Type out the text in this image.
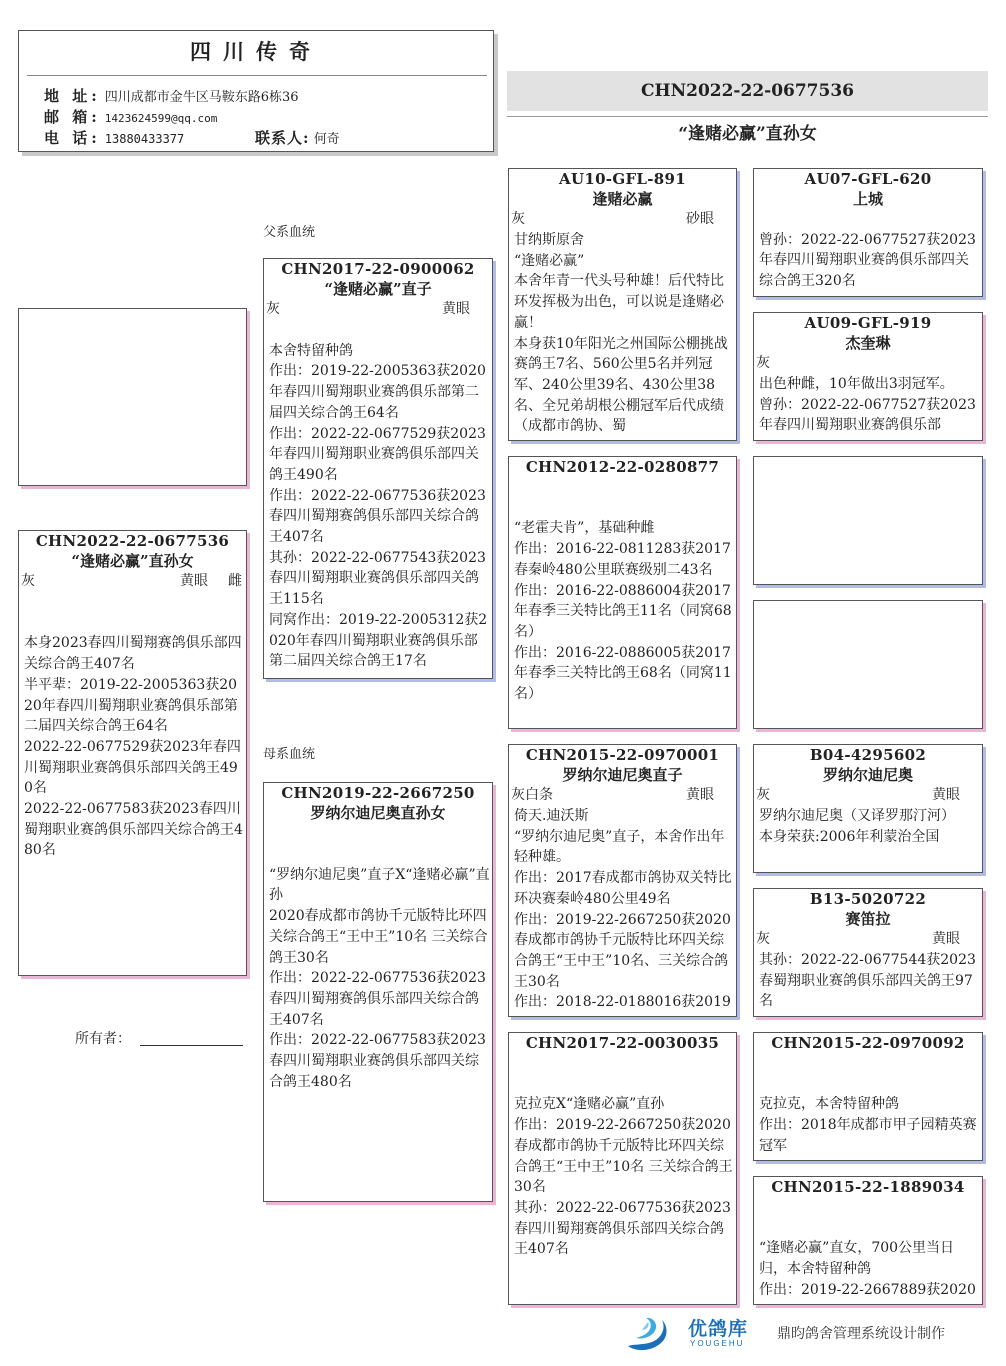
四川传奇
地 址: 四川成都市金牛区马鞍东路6栋36
邮 箱: 1423624599@qq.com
电 话: 13880433377	联系人: 何奇
CHN2022-22-0677536
“逢赌必赢”直孙女
CHN2022-22-0677536
“逢赌必赢”直孙女
灰	黄眼 雌

本身2023春四川蜀翔赛鸽俱乐部四关综合鸽王407名
半平辈：2019-22-2005363获2020年春四川蜀翔职业赛鸽俱乐部第二届四关综合鸽王64名
2022-22-0677529获2023年春四川蜀翔职业赛鸽俱乐部四关鸽王490名
2022-22-0677583获2023春四川蜀翔职业赛鸽俱乐部四关综合鸽王480名
所有者：
父系血统
母系血统
CHN2017-22-0900062
“逢赌必赢”直子
灰	黄眼

本舍特留种鸽
作出：2019-22-2005363获2020年春四川蜀翔职业赛鸽俱乐部第二届四关综合鸽王64名
作出：2022-22-0677529获2023年春四川蜀翔职业赛鸽俱乐部四关鸽王490名
作出：2022-22-0677536获2023春四川蜀翔赛鸽俱乐部四关综合鸽王407名
其孙：2022-22-0677543获2023春四川蜀翔职业赛鸽俱乐部四关鸽王115名
同窝作出：2019-22-2005312获2020年春四川蜀翔职业赛鸽俱乐部第二届四关综合鸽王17名
CHN2019-22-2667250
罗纳尔迪尼奥直孙女

“罗纳尔迪尼奥”直子X“逢赌必赢”直孙
2020春成都市鸽协千元版特比环四关综合鸽王“王中王”10名 三关综合鸽王30名
作出：2022-22-0677536获2023春四川蜀翔赛鸽俱乐部四关综合鸽王407名
作出：2022-22-0677583获2023春四川蜀翔职业赛鸽俱乐部四关综合鸽王480名
AU10-GFL-891
逢赌必赢
灰	砂眼
甘纳斯原舍
“逢赌必赢”
本舍年青一代头号种雄！后代特比环发挥极为出色，可以说是逢赌必赢！
本身获10年阳光之州国际公棚挑战赛鸽王7名、560公里5名并列冠军、240公里39名、430公里38名、全兄弟胡根公棚冠军后代成绩（成都市鸽协、蜀
CHN2012-22-0280877

“老霍夫肯”，基础种雌
作出：2016-22-0811283获2017春秦岭480公里联赛级别二43名
作出：2016-22-0886004获2017年春季三关特比鸽王11名（同窝68名）
作出：2016-22-0886005获2017年春季三关特比鸽王68名（同窝11名）
CHN2015-22-0970001
罗纳尔迪尼奥直子
灰白条	黄眼
倚天.迪沃斯
“罗纳尔迪尼奥”直子，本舍作出年轻种雄。
作出：2017春成都市鸽协双关特比环决赛秦岭480公里49名
作出：2019-22-2667250获2020春成都市鸽协千元版特比环四关综合鸽王“王中王”10名、三关综合鸽王30名
作出：2018-22-0188016获2019
CHN2017-22-0030035

克拉克X“逢赌必赢”直孙
作出：2019-22-2667250获2020春成都市鸽协千元版特比环四关综合鸽王“王中王”10名 三关综合鸽王30名
其孙：2022-22-0677536获2023春四川蜀翔赛鸽俱乐部四关综合鸽王407名
AU07-GFL-620
上城

曾孙：2022-22-0677527获2023年春四川蜀翔职业赛鸽俱乐部四关综合鸽王320名
AU09-GFL-919
杰奎琳
灰
出色种雌，10年做出3羽冠军。
曾孙：2022-22-0677527获2023年春四川蜀翔职业赛鸽俱乐部
B04-4295602
罗纳尔迪尼奥
灰	黄眼
罗纳尔迪尼奥（又译罗那汀河）
本身荣获:2006年利蒙治全国
B13-5020722
赛笛拉
灰	黄眼
其孙：2022-22-0677544获2023春蜀翔职业赛鸽俱乐部四关鸽王97名
CHN2015-22-0970092

克拉克，本舍特留种鸽
作出：2018年成都市甲子园精英赛冠军
CHN2015-22-1889034

“逢赌必赢”直女，700公里当日归，本舍特留种鸽
作出：2019-22-2667889获2020
优鸽库
YOUGEHU
鼎昀鸽舍管理系统设计制作
